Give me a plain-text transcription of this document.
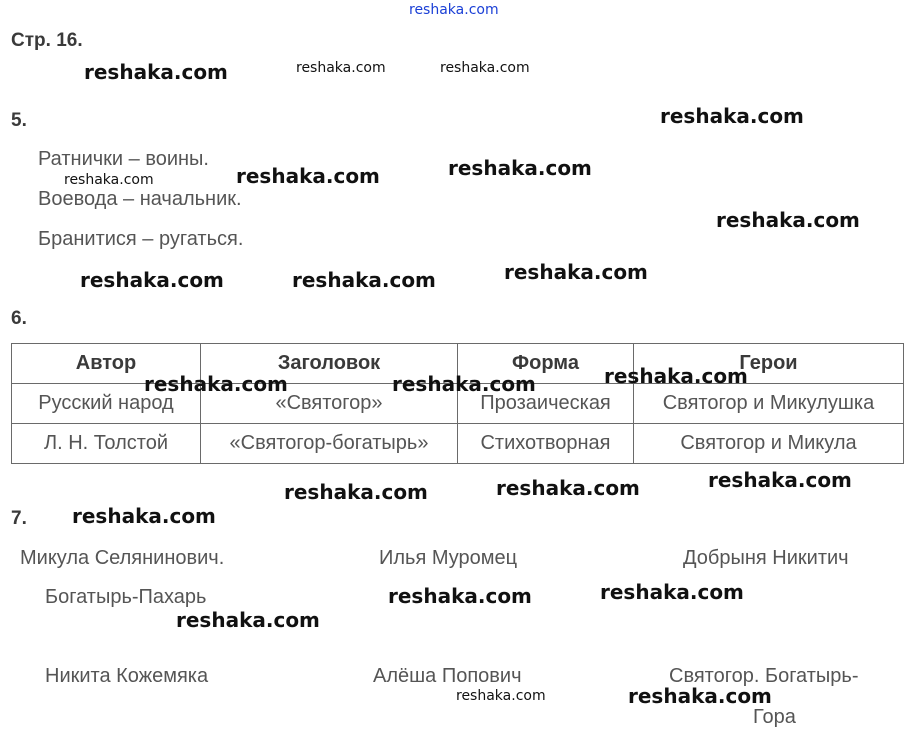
reshaka.com
Стр. 16.
5.
Ратнички – воины.
Воевода – начальник.
Бранитися – ругаться.
6.
Автор	Заголовок	Форма	Герои
Русский народ	«Святогор»	Прозаическая	Святогор и Микулушка
Л. Н. Толстой	«Святогор-богатырь»	Стихотворная	Святогор и Микула
7.
Микула Селянинович.	Илья Муромец	Добрыня Никитич
Богатырь-Пахарь
Никита Кожемяка	Алёша Попович	Святогор. Богатырь-
Гора
reshaka.com	reshaka.com	reshaka.com
reshaka.com
reshaka.com	reshaka.com	reshaka.com
reshaka.com
reshaka.com	reshaka.com	reshaka.com
reshaka.com	reshaka.com	reshaka.com
reshaka.com	reshaka.com	reshaka.com
reshaka.com
reshaka.com	reshaka.com
reshaka.com
reshaka.com	reshaka.com
